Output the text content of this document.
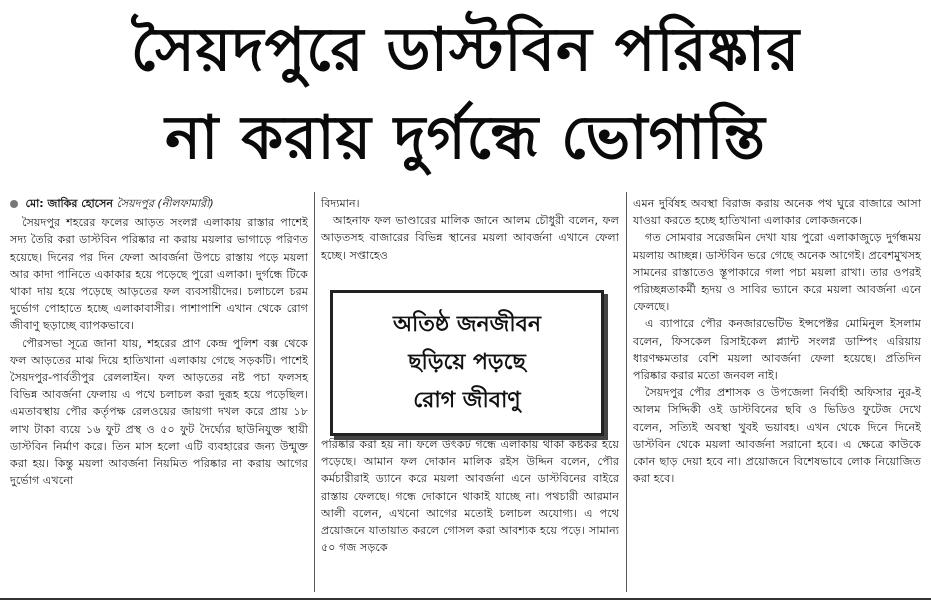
সৈয়দপুরে ডাস্টবিন পরিষ্কার
না করায় দুর্গন্ধে ভোগান্তি
মো: জাকির হোসেন সৈয়দপুর (নীলফামারী)

সৈয়দপুর শহরের ফলের আড়ত সংলগ্ন এলাকায় রাস্তার পাশেই সদ্য তৈরি করা ডাস্টবিন পরিষ্কার না করায় ময়লার ভাগাড়ে পরিণত হয়েছে। দিনের পর দিন ফেলা আবর্জনা উপচে রাস্তায় পড়ে ময়লা আর কাদা পানিতে একাকার হয়ে পড়েছে পুরো এলাকা। দুর্গন্ধে টিকে থাকা দায় হয়ে পড়েছে আড়তের ফল ব্যবসায়ীদের। চলাচলে চরম দুর্ভোগ পোহাতে হচ্ছে এলাকাবাসীর। পাশাপাশি এখান থেকে রোগ জীবাণু ছড়াচ্ছে ব্যাপকভাবে।

পৌরসভা সূত্রে জানা যায়, শহরের প্রাণ কেন্দ্র পুলিশ বক্স থেকে ফল আড়তের মাঝ দিয়ে হাতিখানা এলাকায় গেছে সড়কটি। পাশেই সৈয়দপুর-পার্বতীপুর রেললাইন। ফল আড়তের নষ্ট পচা ফলসহ বিভিন্ন আবর্জনা ফেলায় এ পথে চলাচল করা দুরূহ হয়ে পড়েছিল। এমতাবস্থায় পৌর কর্তৃপক্ষ রেলওয়ের জায়গা দখল করে প্রায় ১৮ লাখ টাকা ব্যয়ে ১৬ ফুট প্রস্থ ও ৫০ ফুট দৈর্ঘ্যের ছাউনিযুক্ত স্থায়ী ডাস্টবিন নির্মাণ করে। তিন মাস হলো এটি ব্যবহারের জন্য উন্মুক্ত করা হয়। কিন্তু ময়লা আবর্জনা নিয়মিত পরিষ্কার না করায় আগের দুর্ভোগ এখনো

বিদ্যমান।

আহনাফ ফল ভাণ্ডারের মালিক জানে আলম চৌধুরী বলেন, ফল আড়তসহ বাজারের বিভিন্ন স্থানের ময়লা আবর্জনা এখানে ফেলা হচ্ছে। সপ্তাহেও

পরিষ্কার করা হয় না। ফলে উৎকট গন্ধে এলাকায় থাকা কষ্টকর হয়ে পড়েছে। আমান ফল দোকান মালিক রইস উদ্দিন বলেন, পৌর কর্মচারীরাই ড্যানে করে ময়লা আবর্জনা এনে ডাস্টবিনের বাইরে রাস্তায় ফেলছে। গন্ধে দোকানে থাকাই যাচ্ছে না। পথচারী আরমান আলী বলেন, এখনো আগের মতোই চলাচল অযোগ্য। এ পথে প্রয়োজনে যাতায়াত করলে গোসল করা আবশ্যক হয়ে পড়ে। সামান্য ৫০ গজ সড়কে

অতিষ্ঠ জনজীবন
ছড়িয়ে পড়ছে
রোগ জীবাণু

এমন দুর্বিষহ অবস্থা বিরাজ করায় অনেক পথ ঘুরে বাজারে আসা যাওয়া করতে হচ্ছে হাতিখানা এলাকার লোকজনকে।

গত সোমবার সরেজমিন দেখা যায় পুরো এলাকাজুড়ে দুর্গন্ধময় ময়লায় আচ্ছন্ন। ডাস্টবিন ভরে গেছে অনেক আগেই। প্রবেশমুখসহ সামনের রাস্তাতেও স্তূপাকারে গলা পচা ময়লা রাখা। তার ওপরই পরিচ্ছন্নতাকর্মী হৃদয় ও সাবির ভ্যানে করে ময়লা আবর্জনা এনে ফেলছে।

এ ব্যাপারে পৌর কনজারভেটিভ ইন্সপেক্টর মোমিনুল ইসলাম বলেন, ফিসকেল রিসাইকেল প্ল্যান্ট সংলগ্ন ডাম্পিং এরিয়ায় ধারণক্ষমতার বেশি ময়লা আবর্জনা ফেলা হয়েছে। প্রতিদিন পরিষ্কার করার মতো জনবল নাই।

সৈয়দপুর পৌর প্রশাসক ও উপজেলা নির্বাহী অফিসার নুর-ই আলম সিদ্দিকী ওই ডাস্টবিনের ছবি ও ভিডিও ফুটেজ দেখে বলেন, সত্যিই অবস্থা খুবই ভয়াবহ। এখন থেকে দিনে দিনেই ডাস্টবিন থেকে ময়লা আবর্জনা সরানো হবে। এ ক্ষেত্রে কাউকে কোন ছাড় দেয়া হবে না। প্রয়োজনে বিশেষভাবে লোক নিয়োজিত করা হবে।
